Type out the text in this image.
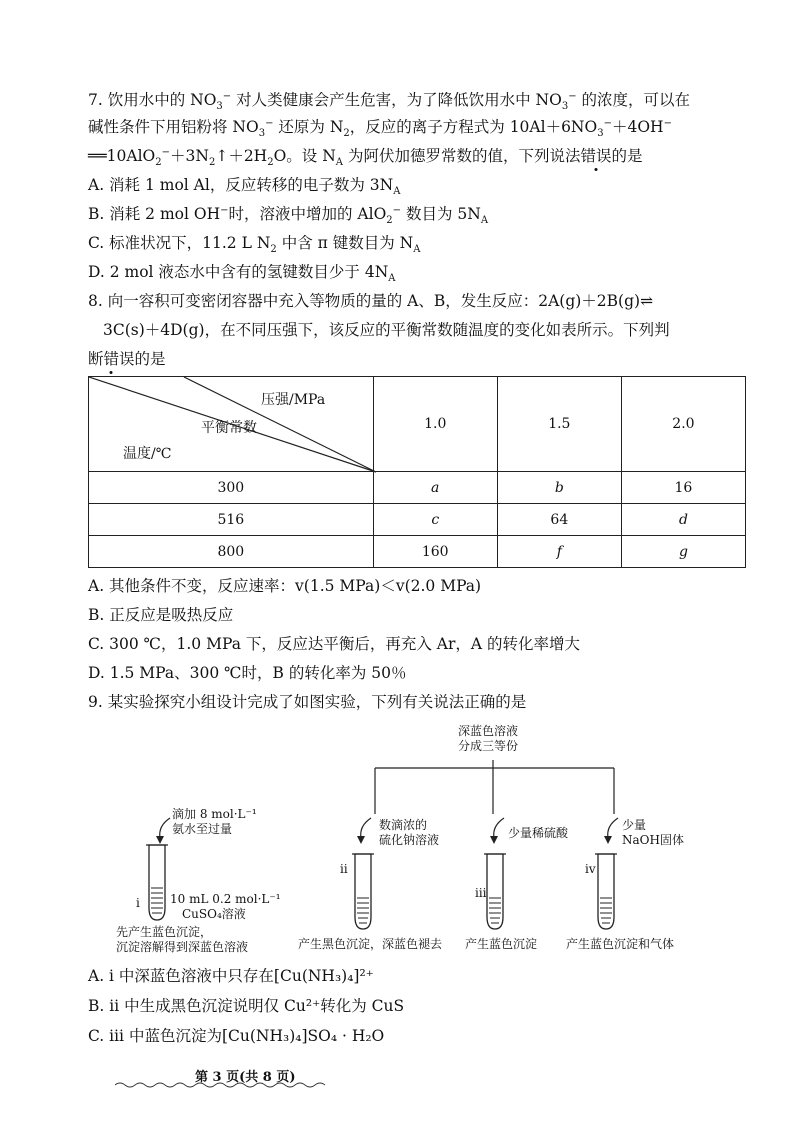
7. 饮用水中的 $NO_3^-$ 对人类健康会产生危害，为了降低饮用水中 $NO_3^-$ 的浓度，可以在
碱性条件下用铝粉将 $NO_3^-$ 还原为 $N_2$，反应的离子方程式为 $10Al+6NO_3^-+4OH^-$
$══10AlO_2^-+3N_2↑+2H_2O$。设 $N_A$ 为阿伏加德罗常数的值，下列说法错误的是
A. 消耗 1 mol Al，反应转移的电子数为 $3N_A$
B. 消耗 2 mol OH−时，溶液中增加的 AlO$_2$− 数目为 $5N_A$
C. 标准状况下，11.2 L $N_2$ 中含 π 键数目为 $N_A$
D. 2 mol 液态水中含有的氢键数目少于 $4N_A$
8. 向一容积可变密闭容器中充入等物质的量的 A、B，发生反应：2A(g)＋2B(g)⇌
3C(s)＋4D(g)，在不同压强下，该反应的平衡常数随温度的变化如表所示。下列判
断错误的是
压强/MPa
平衡常数
温度/℃	1.0	1.5	2.0
300	a	b	16
516	c	64	d
800	160	f	g
A. 其他条件不变，反应速率：v(1.5 MPa)＜v(2.0 MPa)
B. 正反应是吸热反应
C. 300 ℃，1.0 MPa 下，反应达平衡后，再充入 Ar，A 的转化率增大
D. 1.5 MPa、300 ℃时，B 的转化率为 50％
9. 某实验探究小组设计完成了如图实验，下列有关说法正确的是
深蓝色溶液
分成三等份
滴加 8 mol·L⁻¹
氨水至过量
ⅰ	10 mL 0.2 mol·L⁻¹
CuSO₄溶液
先产生蓝色沉淀，
沉淀溶解得到深蓝色溶液
数滴浓的
硫化钠溶液
ⅱ
产生黑色沉淀，深蓝色褪去
少量稀硫酸
ⅲ
产生蓝色沉淀
少量
NaOH固体
ⅳ
产生蓝色沉淀和气体
A. ⅰ 中深蓝色溶液中只存在[Cu(NH₃)₄]²⁺
B. ⅱ 中生成黑色沉淀说明仅 Cu²⁺转化为 CuS
C. ⅲ 中蓝色沉淀为[Cu(NH₃)₄]SO₄ · H₂O
第 3 页(共 8 页)
